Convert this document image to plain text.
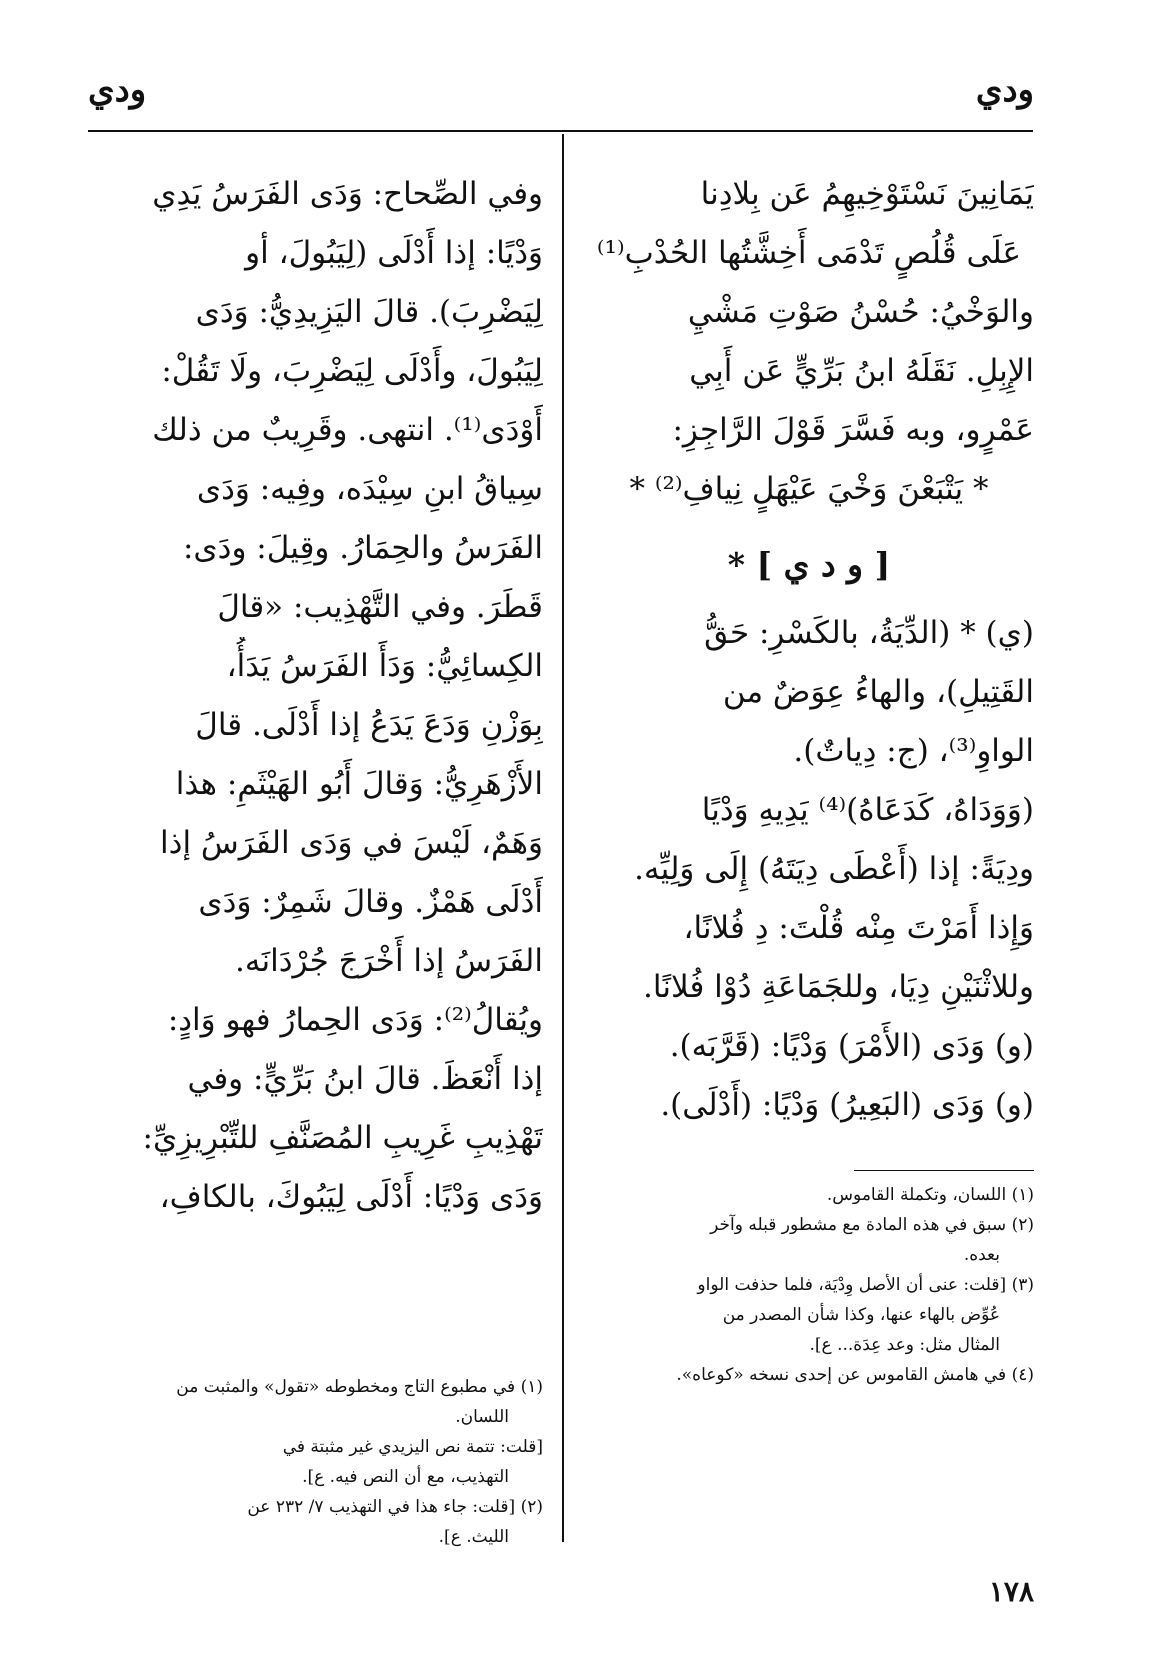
ودي
ودي
يَمَانِينَ نَسْتَوْخِيهِمُ عَن بِلادِنا
عَلَى قُلُصٍ تَدْمَى أَخِشَّتُها الحُدْبِ⁽¹⁾
والوَخْيُ: حُسْنُ صَوْتِ مَشْيِ
الإِبِلِ. نَقَلَهُ ابنُ بَرِّيٍّ عَن أَبِي
عَمْرٍو، وبه فَسَّرَ قَوْلَ الرَّاجِزِ:
* يَتْبَعْنَ وَخْيَ عَيْهَلٍ نِيافِ⁽²⁾ *
[ و د ي ] *
(ي) * (الدِّيَةُ، بالكَسْرِ: حَقُّ
القَتِيلِ)، والهاءُ عِوَضٌ من
الواوِ⁽³⁾، (ج: دِياتٌ).
(وَوَدَاهُ، كَدَعَاهُ)⁽⁴⁾ يَدِيهِ وَدْيًا
ودِيَةً: إذا (أَعْطَى دِيَتَهُ) إِلَى وَلِيِّه.
وَإِذا أَمَرْتَ مِنْه قُلْتَ: دِ فُلانًا،
وللاثْنَيْنِ دِيَا، وللجَمَاعَةِ دُوْا فُلانًا.
(و) وَدَى (الأَمْرَ) وَدْيًا: (قَرَّبَه).
(و) وَدَى (البَعِيرُ) وَدْيًا: (أَدْلَى).
وفي الصِّحاح: وَدَى الفَرَسُ يَدِي
وَدْيًا: إذا أَدْلَى (لِيَبُولَ، أو
لِيَضْرِبَ). قالَ اليَزِيدِيُّ: وَدَى
لِيَبُولَ، وأَدْلَى لِيَضْرِبَ، ولَا تَقُلْ:
أَوْدَى⁽¹⁾. انتهى. وقَرِيبٌ من ذلك
سِياقُ ابنِ سِيْدَه، وفِيه: وَدَى
الفَرَسُ والحِمَارُ. وقِيلَ: ودَى:
قَطَرَ. وفي التَّهْذِيب: «قالَ
الكِسائِيُّ: وَدَأَ الفَرَسُ يَدَأُ،
بِوَزْنِ وَدَعَ يَدَعُ إذا أَدْلَى. قالَ
الأَزْهَرِيُّ: وَقالَ أَبُو الهَيْثَمِ: هذا
وَهَمٌ، لَيْسَ في وَدَى الفَرَسُ إذا
أَدْلَى هَمْزٌ. وقالَ شَمِرٌ: وَدَى
الفَرَسُ إذا أَخْرَجَ جُرْدَانَه.
ويُقالُ⁽²⁾: وَدَى الحِمارُ فهو وَادٍ:
إذا أَنْعَظَ. قالَ ابنُ بَرِّيٍّ: وفي
تَهْذِيبِ غَرِيبِ المُصَنَّفِ للتِّبْرِيزِيِّ:
وَدَى وَدْيًا: أَدْلَى لِيَبُوكَ، بالكافِ،	(١) اللسان، وتكملة القاموس.
(٢) سبق في هذه المادة مع مشطور قبله وآخر
بعده.
(٣) [قلت: عنى أن الأصل وِدْيَة، فلما حذفت الواو
عُوِّض بالهاء عنها، وكذا شأن المصدر من
المثال مثل: وعد عِدَة... ع].
(٤) في هامش القاموس عن إحدى نسخه «كوعاه».
(١) في مطبوع التاج ومخطوطه «تقول» والمثبت من
اللسان.
[قلت: تتمة نص اليزيدي غير مثبتة في
التهذيب، مع أن النص فيه. ع].
(٢) [قلت: جاء هذا في التهذيب ٧/ ٢٣٢ عن
الليث. ع].
١٧٨
